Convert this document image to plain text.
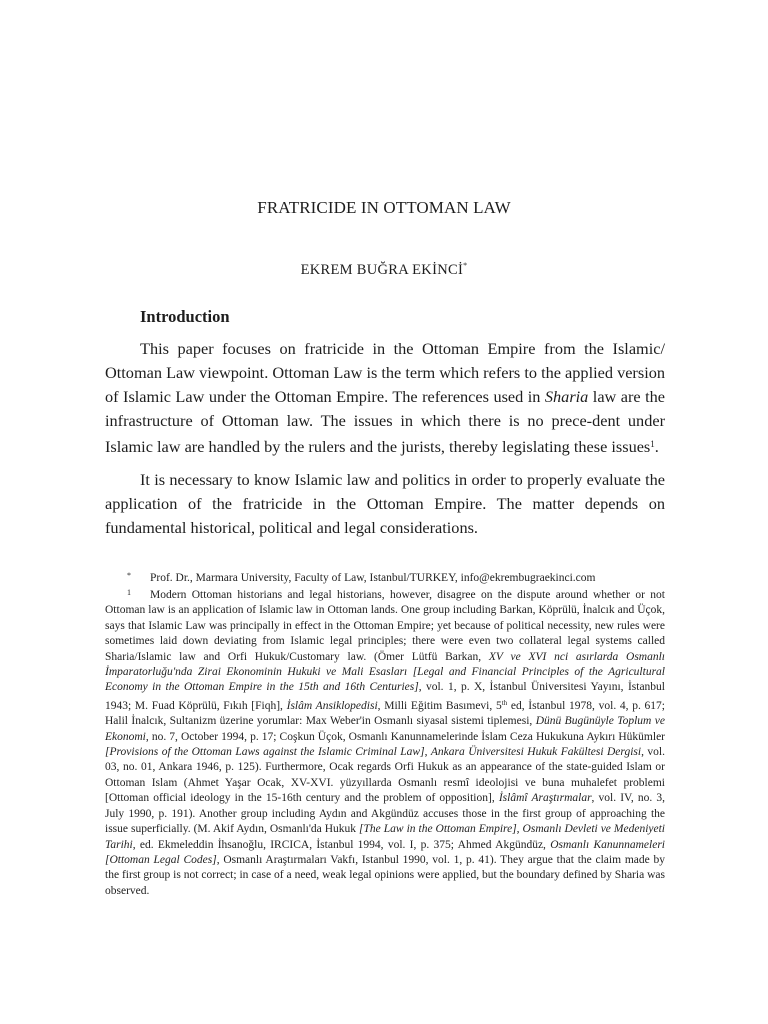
FRATRICIDE IN OTTOMAN LAW
EKREM BUĞRA EKİNCİ*
Introduction
This paper focuses on fratricide in the Ottoman Empire from the Islamic/ Ottoman Law viewpoint. Ottoman Law is the term which refers to the applied version of Islamic Law under the Ottoman Empire. The references used in Sharia law are the infrastructure of Ottoman law. The issues in which there is no prece-dent under Islamic law are handled by the rulers and the jurists, thereby legislating these issues$^1$.
It is necessary to know Islamic law and politics in order to properly evaluate the application of the fratricide in the Ottoman Empire. The matter depends on fundamental historical, political and legal considerations.
* Prof. Dr., Marmara University, Faculty of Law, Istanbul/TURKEY, info@ekrembugraekinci.com
1 Modern Ottoman historians and legal historians, however, disagree on the dispute around whether or not Ottoman law is an application of Islamic law in Ottoman lands. One group including Barkan, Köprülü, İnalcık and Üçok, says that Islamic Law was principally in effect in the Ottoman Empire; yet because of political necessity, new rules were sometimes laid down deviating from Islamic legal principles; there were even two collateral legal systems called Sharia/Islamic law and Orfi Hukuk/Customary law. (Ömer Lütfü Barkan, XV ve XVI nci asırlarda Osmanlı İmparatorluğu'nda Zirai Ekonominin Hukuki ve Mali Esasları [Legal and Financial Principles of the Agricultural Economy in the Ottoman Empire in the 15th and 16th Centuries], vol. 1, p. X, İstanbul Üniversitesi Yayını, İstanbul 1943; M. Fuad Köprülü, Fıkıh [Fiqh], İslâm Ansiklopedisi, Milli Eğitim Basımevi, 5th ed, İstanbul 1978, vol. 4, p. 617; Halil İnalcık, Sultanizm üzerine yorumlar: Max Weber'in Osmanlı siyasal sistemi tiplemesi, Dünü Bugünüyle Toplum ve Ekonomi, no. 7, October 1994, p. 17; Coşkun Üçok, Osmanlı Kanunnamelerinde İslam Ceza Hukukuna Aykırı Hükümler [Provisions of the Ottoman Laws against the Islamic Criminal Law], Ankara Üniversitesi Hukuk Fakültesi Dergisi, vol. 03, no. 01, Ankara 1946, p. 125). Furthermore, Ocak regards Orfi Hukuk as an appearance of the state-guided Islam or Ottoman Islam (Ahmet Yaşar Ocak, XV-XVI. yüzyıllarda Osmanlı resmî ideolojisi ve buna muhalefet problemi [Ottoman official ideology in the 15-16th century and the problem of opposition], İslâmî Araştırmalar, vol. IV, no. 3, July 1990, p. 191). Another group including Aydın and Akgündüz accuses those in the first group of approaching the issue superficially. (M. Akif Aydın, Osmanlı'da Hukuk [The Law in the Ottoman Empire], Osmanlı Devleti ve Medeniyeti Tarihi, ed. Ekmeleddin İhsanoğlu, IRCICA, İstanbul 1994, vol. I, p. 375; Ahmed Akgündüz, Osmanlı Kanunnameleri [Ottoman Legal Codes], Osmanlı Araştırmaları Vakfı, Istanbul 1990, vol. 1, p. 41). They argue that the claim made by the first group is not correct; in case of a need, weak legal opinions were applied, but the boundary defined by Sharia was observed.
